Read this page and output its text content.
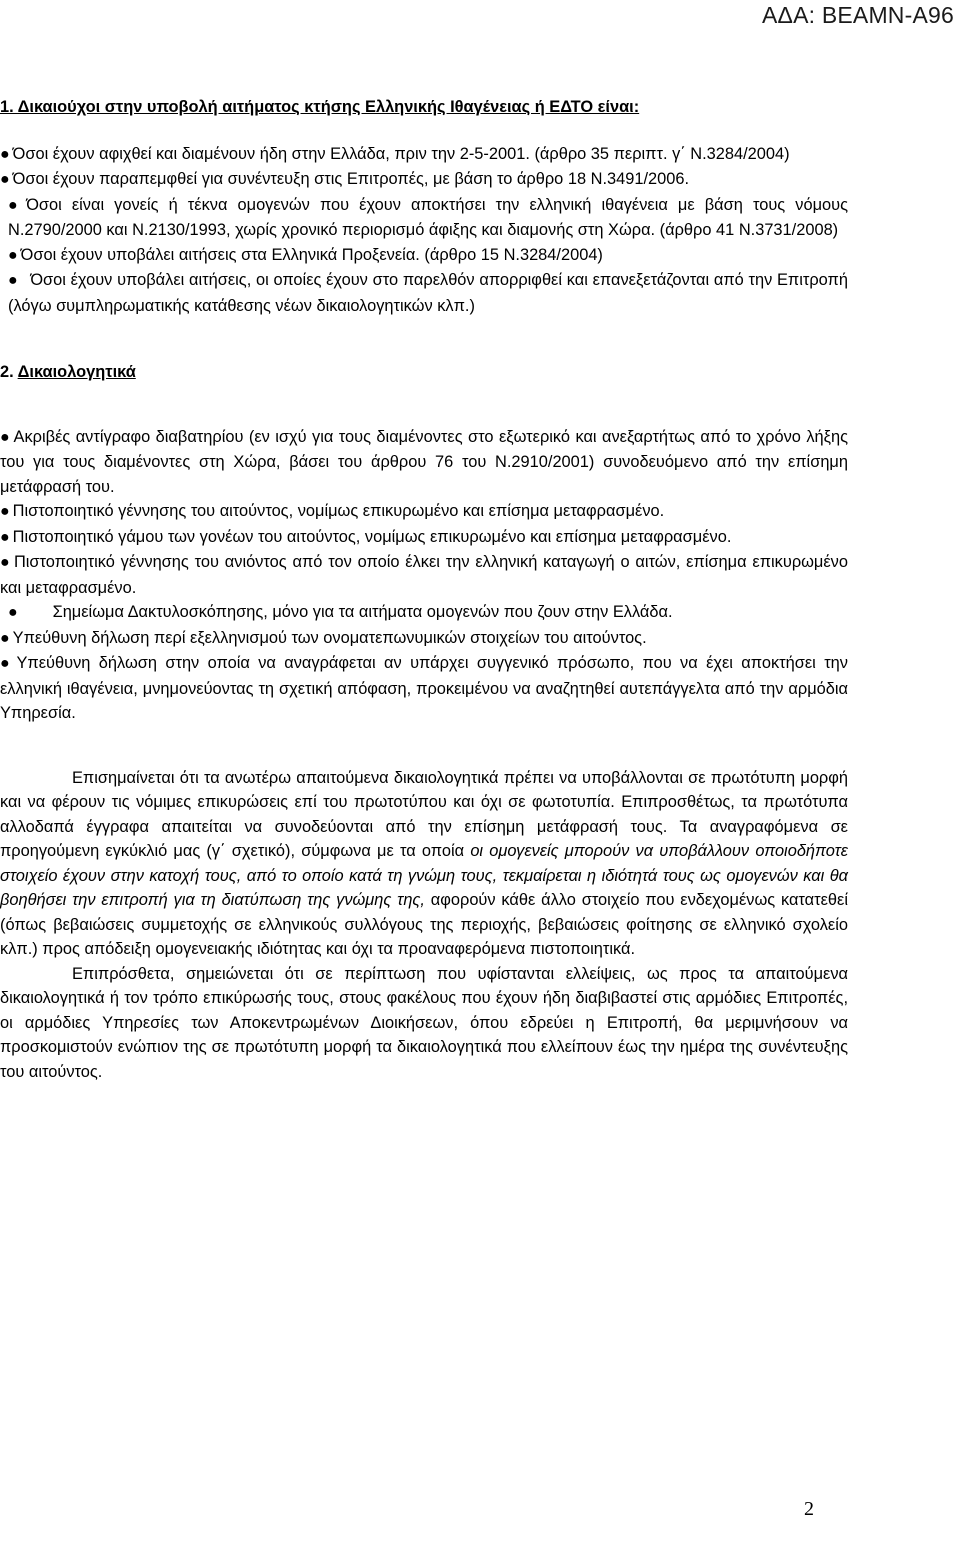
ΑΔΑ: ΒΕΑΜΝ-Α96

1. Δικαιούχοι στην υποβολή αιτήματος κτήσης Ελληνικής Ιθαγένειας ή ΕΔΤΟ είναι:

● Όσοι έχουν αφιχθεί και διαμένουν ήδη στην Ελλάδα, πριν την 2-5-2001. (άρθρο 35 περιπτ. γ΄ Ν.3284/2004)

● Όσοι έχουν παραπεμφθεί για συνέντευξη στις Επιτροπές, με βάση το άρθρο 18 Ν.3491/2006.

● Όσοι είναι γονείς ή τέκνα ομογενών που έχουν αποκτήσει την ελληνική ιθαγένεια με βάση τους νόμους Ν.2790/2000 και Ν.2130/1993, χωρίς χρονικό περιορισμό άφιξης και διαμονής στη Χώρα. (άρθρο 41 Ν.3731/2008)

● Όσοι έχουν υποβάλει αιτήσεις στα Ελληνικά Προξενεία. (άρθρο 15 Ν.3284/2004)

● Όσοι έχουν υποβάλει αιτήσεις, οι οποίες έχουν στο παρελθόν απορριφθεί και επανεξετάζονται από την Επιτροπή (λόγω συμπληρωματικής κατάθεσης νέων δικαιολογητικών κλπ.)

2. Δικαιολογητικά

● Ακριβές αντίγραφο διαβατηρίου (εν ισχύ για τους διαμένοντες στο εξωτερικό και ανεξαρτήτως από το χρόνο λήξης του για τους διαμένοντες στη Χώρα, βάσει του άρθρου 76 του Ν.2910/2001) συνοδευόμενο από την επίσημη μετάφρασή του.

● Πιστοποιητικό γέννησης του αιτούντος, νομίμως επικυρωμένο και επίσημα μεταφρασμένο.

● Πιστοποιητικό γάμου των γονέων του αιτούντος, νομίμως επικυρωμένο και επίσημα μεταφρασμένο.

● Πιστοποιητικό γέννησης του ανιόντος από τον οποίο έλκει την ελληνική καταγωγή ο αιτών, επίσημα επικυρωμένο και μεταφρασμένο.

● Σημείωμα Δακτυλοσκόπησης, μόνο για τα αιτήματα ομογενών που ζουν στην Ελλάδα.

● Υπεύθυνη δήλωση περί εξελληνισμού των ονοματεπωνυμικών στοιχείων του αιτούντος.

● Υπεύθυνη δήλωση στην οποία να αναγράφεται αν υπάρχει συγγενικό πρόσωπο, που να έχει αποκτήσει την ελληνική ιθαγένεια, μνημονεύοντας τη σχετική απόφαση, προκειμένου να αναζητηθεί αυτεπάγγελτα από την αρμόδια Υπηρεσία.

Επισημαίνεται ότι τα ανωτέρω απαιτούμενα δικαιολογητικά πρέπει να υποβάλλονται σε πρωτότυπη μορφή και να φέρουν τις νόμιμες επικυρώσεις επί του πρωτοτύπου και όχι σε φωτοτυπία. Επιπροσθέτως, τα πρωτότυπα αλλοδαπά έγγραφα απαιτείται να συνοδεύονται από την επίσημη μετάφρασή τους. Τα αναγραφόμενα σε προηγούμενη εγκύκλιό μας (γ΄ σχετικό), σύμφωνα με τα οποία οι ομογενείς μπορούν να υποβάλλουν οποιοδήποτε στοιχείο έχουν στην κατοχή τους, από το οποίο κατά τη γνώμη τους, τεκμαίρεται η ιδιότητά τους ως ομογενών και θα βοηθήσει την επιτροπή για τη διατύπωση της γνώμης της, αφορούν κάθε άλλο στοιχείο που ενδεχομένως κατατεθεί (όπως βεβαιώσεις συμμετοχής σε ελληνικούς συλλόγους της περιοχής, βεβαιώσεις φοίτησης σε ελληνικό σχολείο κλπ.) προς απόδειξη ομογενειακής ιδιότητας και όχι τα προαναφερόμενα πιστοποιητικά.

Επιπρόσθετα, σημειώνεται ότι σε περίπτωση που υφίστανται ελλείψεις, ως προς τα απαιτούμενα δικαιολογητικά ή τον τρόπο επικύρωσής τους, στους φακέλους που έχουν ήδη διαβιβαστεί στις αρμόδιες Επιτροπές, οι αρμόδιες Υπηρεσίες των Αποκεντρωμένων Διοικήσεων, όπου εδρεύει η Επιτροπή, θα μεριμνήσουν να προσκομιστούν ενώπιον της σε πρωτότυπη μορφή τα δικαιολογητικά που ελλείπουν έως την ημέρα της συνέντευξης του αιτούντος.

2
